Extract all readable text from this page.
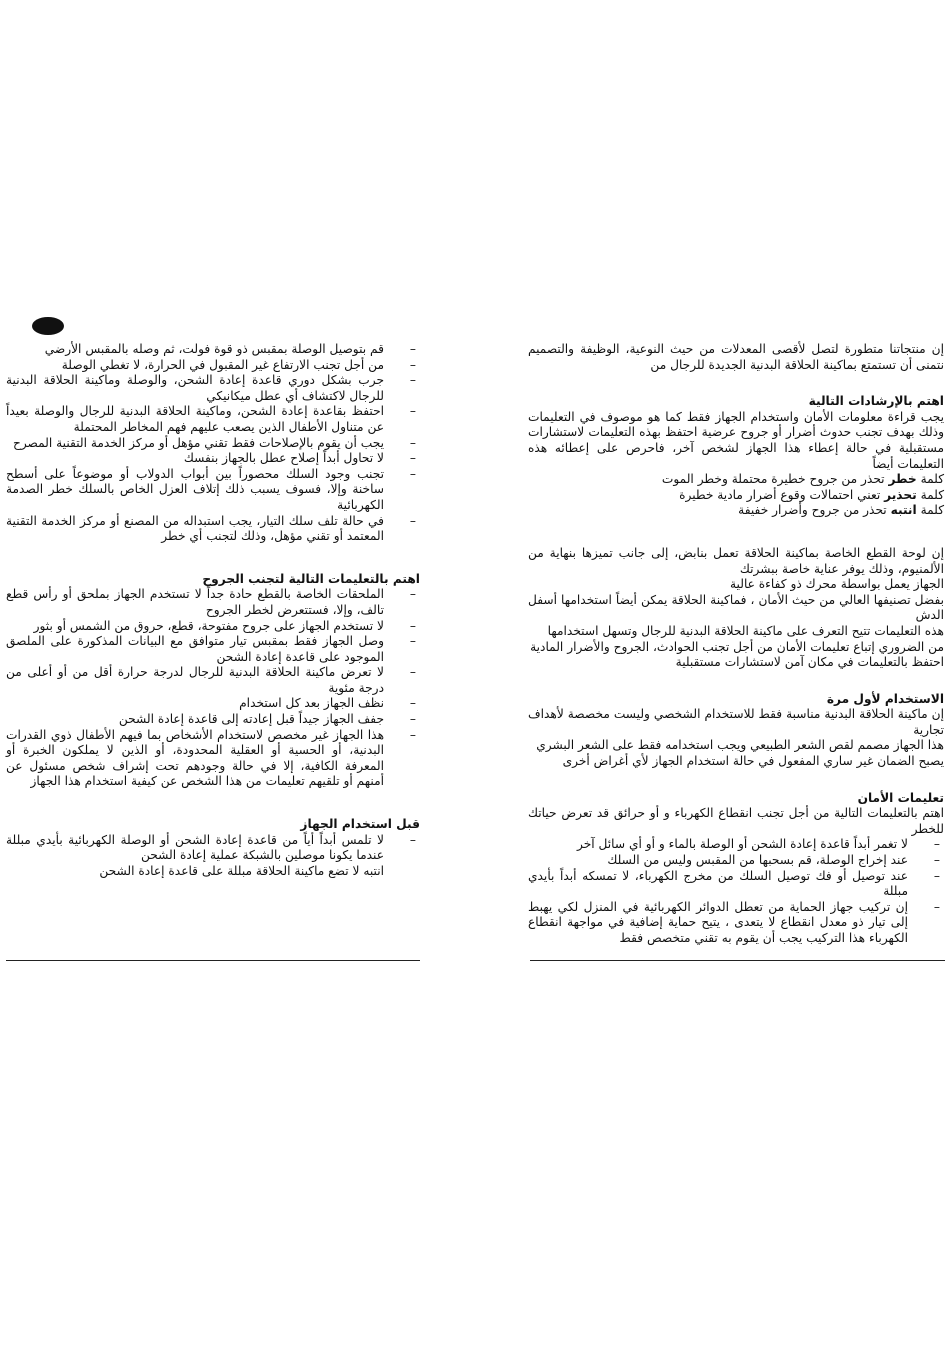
إن منتجاتنا متطورة لتصل لأقصى المعدلات من حيث النوعية، الوظيفة والتصميم نتمنى أن تستمتع بماكينة الحلاقة البدنية الجديدة للرجال من

اهتم بالإرشادات التالية

يجب قراءة معلومات الأمان واستخدام الجهاز فقط كما هو موصوف في التعليمات وذلك بهدف تجنب حدوث أضرار أو جروح عرضية احتفظ بهذه التعليمات لاستشارات مستقبلية في حالة إعطاء هذا الجهاز لشخص آخر، فاحرص على إعطائه هذه التعليمات أيضاً

كلمة خطر تحذر من جروح خطيرة محتملة وخطر الموت

كلمة تحذير تعني احتمالات وقوع أضرار مادية خطيرة

كلمة انتبه تحذر من جروح وأضرار خفيفة

إن لوحة القطع الخاصة بماكينة الحلاقة تعمل بنابض، إلى جانب تميزها بنهاية من الألمنيوم، وذلك يوفر عناية خاصة ببشرتك

الجهاز يعمل بواسطة محرك ذو كفاءة عالية

بفضل تصنيفها العالي من حيث الأمان ، فماكينة الحلاقة يمكن أيضاً استخدامها أسفل الدش

هذه التعليمات تتيح التعرف على ماكينة الحلاقة البدنية للرجال وتسهل استخدامها

من الضروري إتباع تعليمات الأمان من أجل تجنب الحوادث، الجروح والأضرار المادية

احتفظ بالتعليمات في مكان آمن لاستشارات مستقبلية

الاستخدام لأول مرة

إن ماكينة الحلاقة البدنية مناسبة فقط للاستخدام الشخصي وليست مخصصة لأهداف تجارية

هذا الجهاز مصمم لقص الشعر الطبيعي ويجب استخدامه فقط على الشعر البشري

يصبح الضمان غير ساري المفعول في حالة استخدام الجهاز لأي أغراض أخرى

تعليمات الأمان

اهتم بالتعليمات التالية من أجل تجنب انقطاع الكهرباء و أو حرائق قد تعرض حياتك للخطر

– لا تغمر أبداً قاعدة إعادة الشحن أو الوصلة بالماء و أو أي سائل آخر
– عند إخراج الوصلة، قم بسحبها من المقبس وليس من السلك
– عند توصيل أو فك توصيل السلك من مخرج الكهرباء، لا تمسكه أبداً بأيدي مبللة
– إن تركيب جهاز الحماية من تعطل الدوائر الكهربائية في المنزل لكي يهبط إلى تيار ذو معدل انقطاع لا يتعدى ، يتيح حماية إضافية في مواجهة انقطاع الكهرباء هذا التركيب يجب أن يقوم به تقني متخصص فقط
– قم بتوصيل الوصلة بمقبس ذو قوة فولت، ثم وصله بالمقبس الأرضي
– من أجل تجنب الارتفاع غير المقبول في الحرارة، لا تغطي الوصلة
– جرب بشكل دوري قاعدة إعادة الشحن، والوصلة وماكينة الحلاقة البدنية للرجال لاكتشاف أي عطل ميكانيكي
– احتفظ بقاعدة إعادة الشحن، وماكينة الحلاقة البدنية للرجال والوصلة بعيداً عن متناول الأطفال الذين يصعب عليهم فهم المخاطر المحتملة
– يجب أن يقوم بالإصلاحات فقط تقني مؤهل أو مركز الخدمة التقنية المصرح
– لا تحاول أبداً إصلاح عطل بالجهاز بنفسك
– تجنب وجود السلك محصوراً بين أبواب الدولاب أو موضوعاً على أسطح ساخنة وإلا، فسوف يسبب ذلك إتلاف العزل الخاص بالسلك خطر الصدمة الكهربائية
– في حالة تلف سلك التيار، يجب استبداله من المصنع أو مركز الخدمة التقنية المعتمد أو تقني مؤهل، وذلك لتجنب أي خطر

اهتم بالتعليمات التالية لتجنب الجروح

– الملحقات الخاصة بالقطع حادة جداً لا تستخدم الجهاز بملحق أو رأس قطع تالف، وإلا، فستتعرض لخطر الجروح
– لا تستخدم الجهاز على جروح مفتوحة، قطع، حروق من الشمس أو بثور
– وصل الجهاز فقط بمقبس تيار متوافق مع البيانات المذكورة على الملصق الموجود على قاعدة إعادة الشحن
– لا تعرض ماكينة الحلاقة البدنية للرجال لدرجة حرارة أقل من أو أعلى من درجة مئوية
– نظف الجهاز بعد كل استخدام
– جفف الجهاز جيداً قبل إعادته إلى قاعدة إعادة الشحن
– هذا الجهاز غير مخصص لاستخدام الأشخاص بما فيهم الأطفال ذوي القدرات البدنية، أو الحسية أو العقلية المحدودة، أو الذين لا يملكون الخبرة أو المعرفة الكافية، إلا في حالة وجودهم تحت إشراف شخص مسئول عن أمنهم أو تلقيهم تعليمات من هذا الشخص عن كيفية استخدام هذا الجهاز

قبل استخدام الجهاز

– لا تلمس أبداً أياً من قاعدة إعادة الشحن أو الوصلة الكهربائية بأيدي مبللة عندما يكونا موصلين بالشبكة عملية إعادة الشحن

انتبه لا تضع ماكينة الحلاقة مبللة على قاعدة إعادة الشحن
